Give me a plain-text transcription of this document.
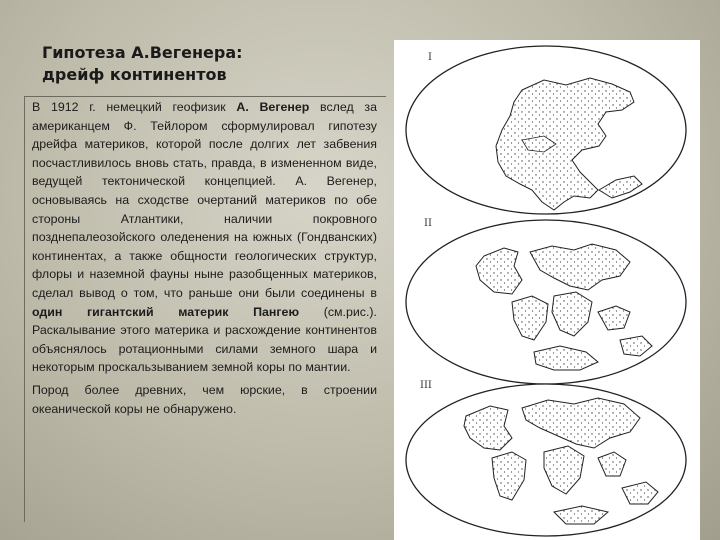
Гипотеза А.Вегенера:
дрейф континентов

В 1912 г. немецкий геофизик А. Вегенер вслед за американцем Ф. Тейлором сформулировал гипотезу дрейфа материков, которой после долгих лет забвения посчастливилось вновь стать, правда, в измененном виде, ведущей тектонической концепцией. А. Вегенер, основываясь на сходстве очертаний материков по обе стороны Атлантики, наличии покровного позднепалеозойского оледенения на южных (Гондванских) континентах, а также общности геологических структур, флоры и наземной фауны ныне разобщенных материков, сделал вывод о том, что раньше они были соединены в один гигантский материк Пангею (см.рис.). Раскалывание этого материка и расхождение континентов объяснялось ротационными силами земного шара и некоторым проскальзыванием земной коры по мантии.

Пород более древних, чем юрские, в строении океанической коры не обнаружено.

I
II
III
